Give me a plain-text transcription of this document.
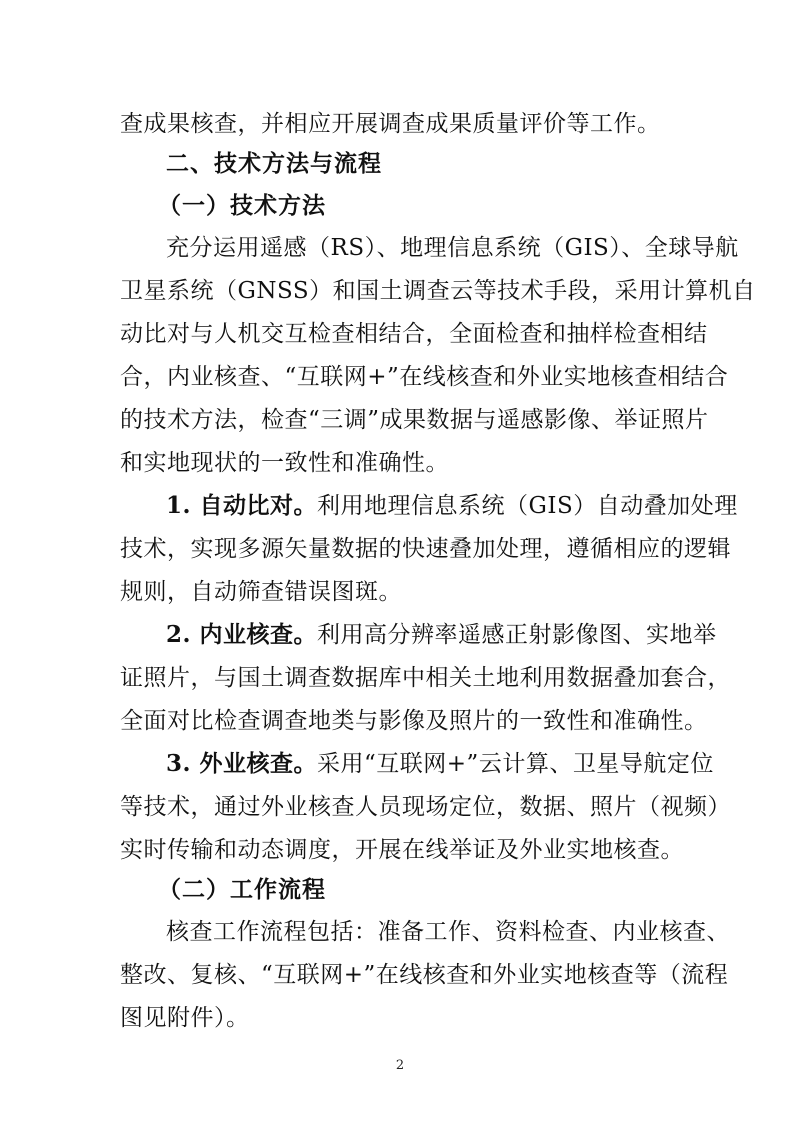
查成果核查，并相应开展调查成果质量评价等工作。
二、技术方法与流程
（一）技术方法
充分运用遥感（RS）、地理信息系统（GIS）、全球导航
卫星系统（GNSS）和国土调查云等技术手段，采用计算机自
动比对与人机交互检查相结合，全面检查和抽样检查相结
合，内业核查、“互联网+”在线核查和外业实地核查相结合
的技术方法，检查“三调”成果数据与遥感影像、举证照片
和实地现状的一致性和准确性。
1. 自动比对。利用地理信息系统（GIS）自动叠加处理
技术，实现多源矢量数据的快速叠加处理，遵循相应的逻辑
规则，自动筛查错误图斑。
2. 内业核查。利用高分辨率遥感正射影像图、实地举
证照片，与国土调查数据库中相关土地利用数据叠加套合，
全面对比检查调查地类与影像及照片的一致性和准确性。
3. 外业核查。采用“互联网+”云计算、卫星导航定位
等技术，通过外业核查人员现场定位，数据、照片（视频）
实时传输和动态调度，开展在线举证及外业实地核查。
（二）工作流程
核查工作流程包括：准备工作、资料检查、内业核查、
整改、复核、“互联网+”在线核查和外业实地核查等（流程
图见附件）。
2
